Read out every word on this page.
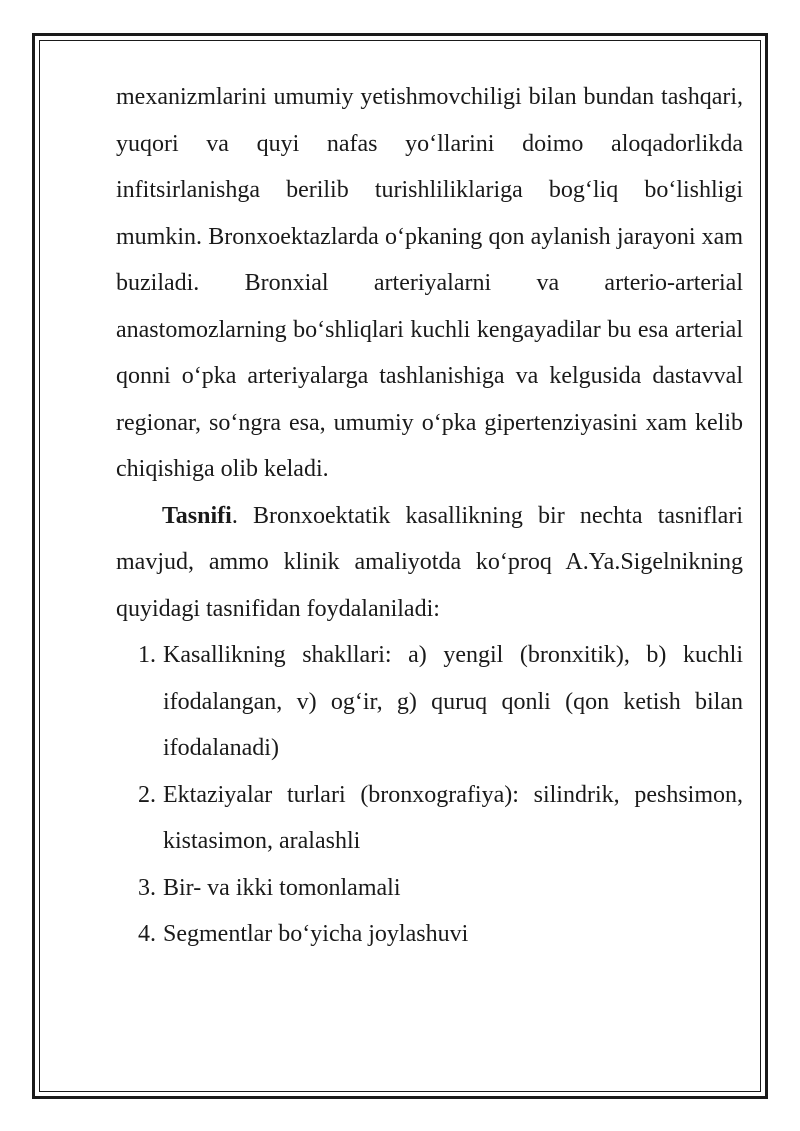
mexanizmlarini umumiy yetishmovchiligi bilan bundan tashqari, yuqori va quyi nafas yo‘llarini doimo aloqadorlikda infitsirlanishga berilib turishliliklariga bog‘liq bo‘lishligi mumkin. Bronxoektazlarda o‘pkaning qon aylanish jarayoni xam buziladi. Bronxial arteriyalarni va arterio-arterial anastomozlarning bo‘shliqlari kuchli kengayadilar bu esa arterial qonni o‘pka arteriyalarga tashlanishiga va kelgusida dastavval regionar, so‘ngra esa, umumiy o‘pka gipertenziyasini xam kelib chiqishiga olib keladi.

Tasnifi. Bronxoektatik kasallikning bir nechta tasniflari mavjud, ammo klinik amaliyotda ko‘proq A.Ya.Sigelnikning quyidagi tasnifidan foydalaniladi:

1. Kasallikning shakllari: a) yengil (bronxitik), b) kuchli ifodalangan, v) og‘ir, g) quruq qonli (qon ketish bilan ifodalanadi)
2. Ektaziyalar turlari (bronxografiya): silindrik, peshsimon, kistasimon, aralashli
3. Bir- va ikki tomonlamali
4. Segmentlar bo‘yicha joylashuvi
